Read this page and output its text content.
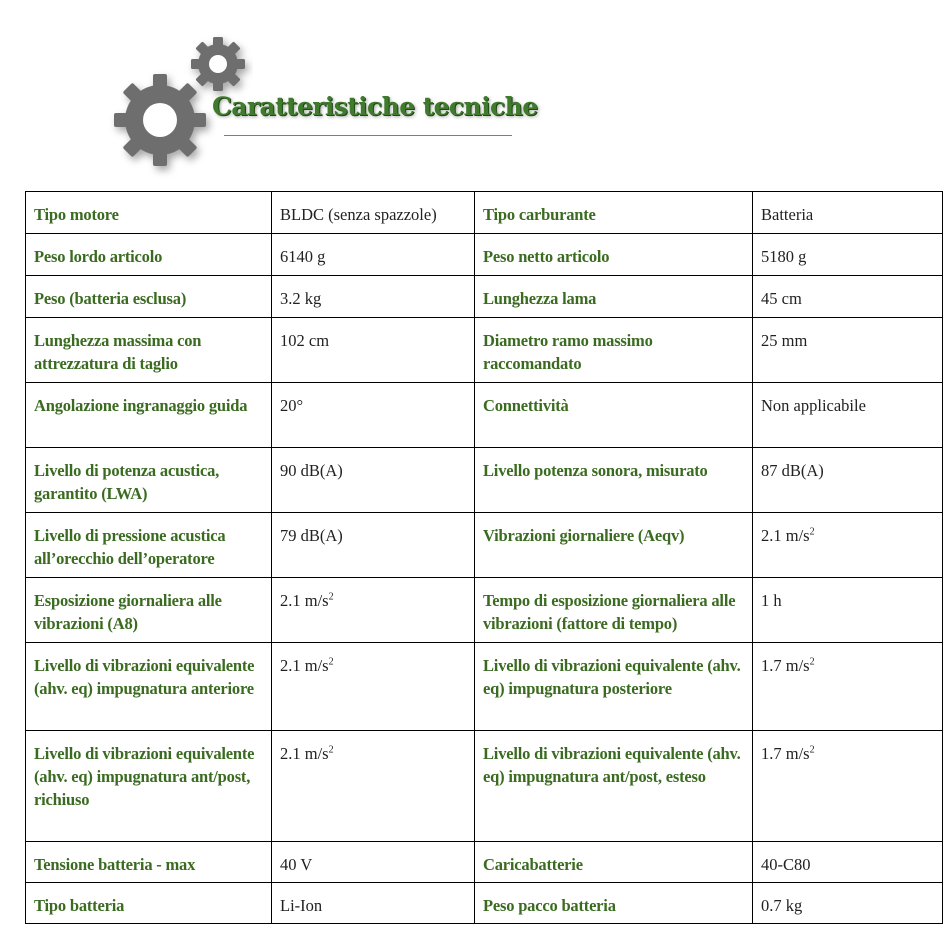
Caratteristiche tecniche
Tipo motore	BLDC (senza spazzole)	Tipo carburante	Batteria
Peso lordo articolo	6140 g	Peso netto articolo	5180 g
Peso (batteria esclusa)	3.2 kg	Lunghezza lama	45 cm
Lunghezza massima con attrezzatura di taglio	102 cm	Diametro ramo massimo raccomandato	25 mm
Angolazione ingranaggio guida	20°	Connettività	Non applicabile
Livello di potenza acustica, garantito (LWA)	90 dB(A)	Livello potenza sonora, misurato	87 dB(A)
Livello di pressione acustica all’orecchio dell’operatore	79 dB(A)	Vibrazioni giornaliere (Aeqv)	2.1 $m/s^2$
Esposizione giornaliera alle vibrazioni (A8)	2.1 $m/s^2$	Tempo di esposizione giornaliera alle vibrazioni (fattore di tempo)	1 h
Livello di vibrazioni equivalente (ahv. eq) impugnatura anteriore	2.1 $m/s^2$	Livello di vibrazioni equivalente (ahv. eq) impugnatura posteriore	1.7 $m/s^2$
Livello di vibrazioni equivalente (ahv. eq) impugnatura ant/post, richiuso	2.1 $m/s^2$	Livello di vibrazioni equivalente (ahv. eq) impugnatura ant/post, esteso	1.7 $m/s^2$
Tensione batteria - max	40 V	Caricabatterie	40-C80
Tipo batteria	Li-Ion	Peso pacco batteria	0.7 kg
